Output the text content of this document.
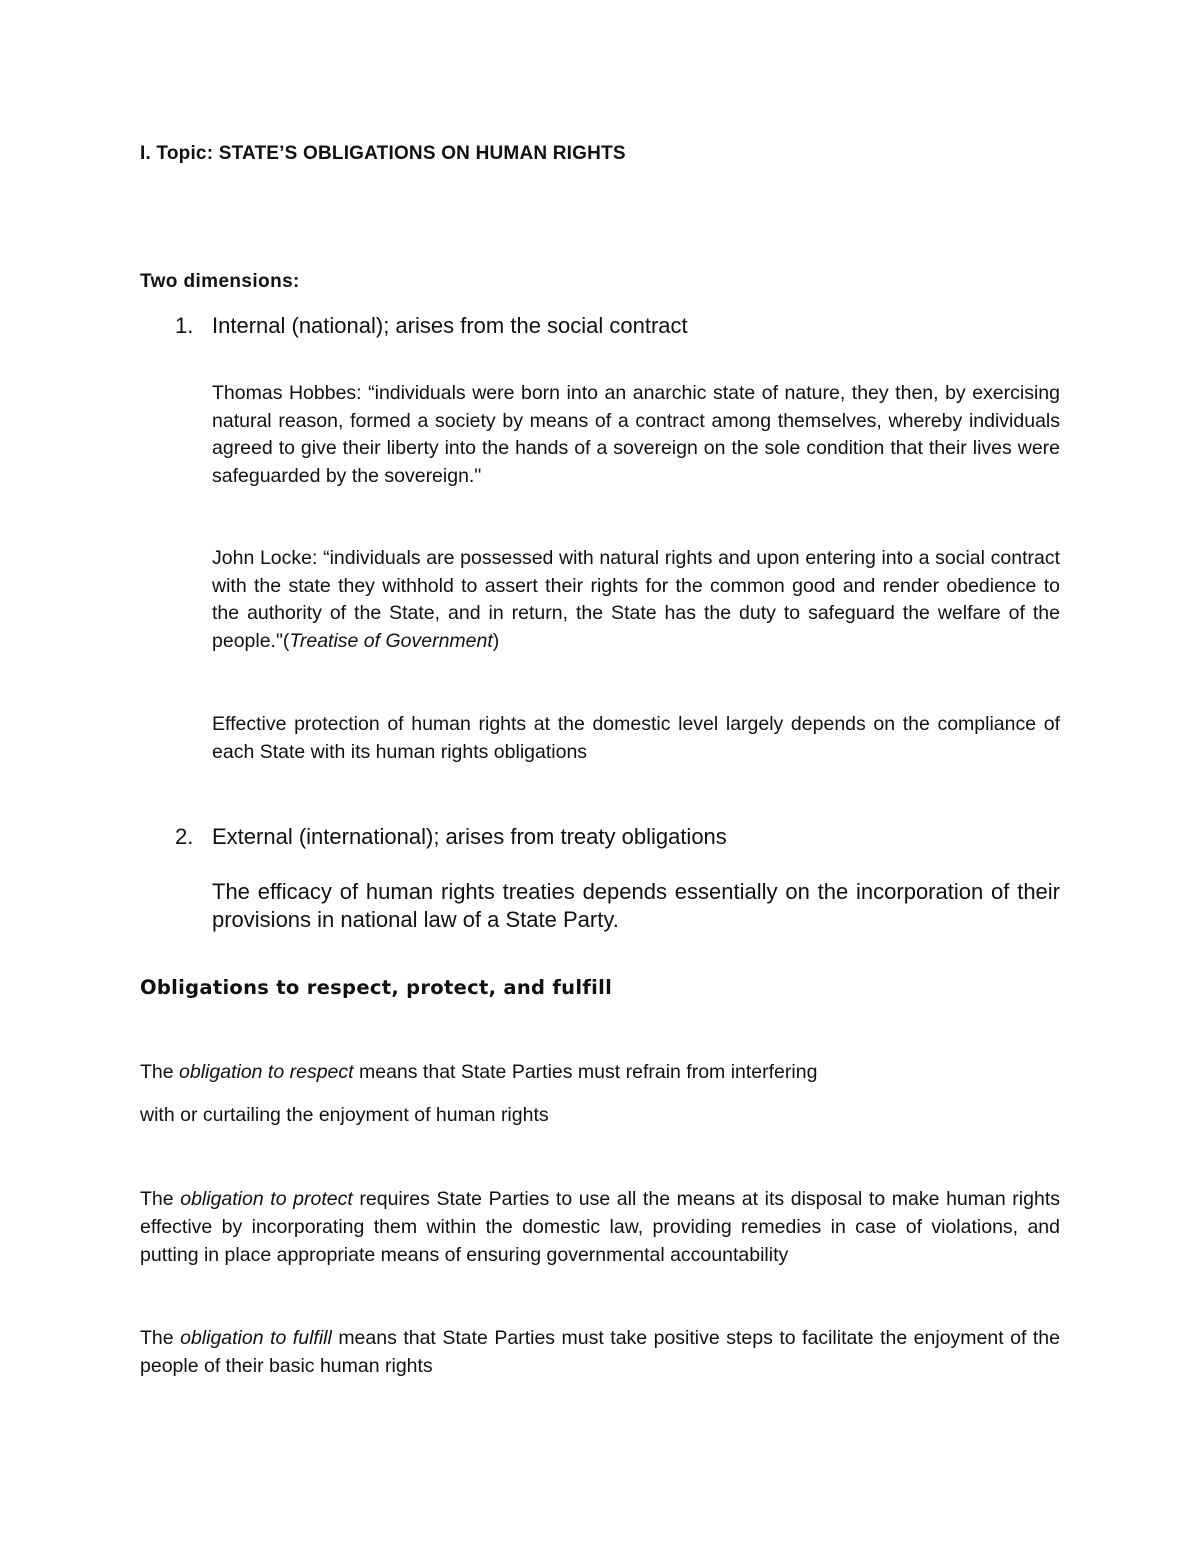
I. Topic: STATE’S OBLIGATIONS ON HUMAN RIGHTS
Two dimensions:
1. Internal (national); arises from the social contract

Thomas Hobbes: “individuals were born into an anarchic state of nature, they then, by exercising natural reason, formed a society by means of a contract among themselves, whereby individuals agreed to give their liberty into the hands of a sovereign on the sole condition that their lives were safeguarded by the sovereign."

John Locke: “individuals are possessed with natural rights and upon entering into a social contract with the state they withhold to assert their rights for the common good and render obedience to the authority of the State, and in return, the State has the duty to safeguard the welfare of the people."(Treatise of Government)

Effective protection of human rights at the domestic level largely depends on the compliance of each State with its human rights obligations

2. External (international); arises from treaty obligations

The efficacy of human rights treaties depends essentially on the incorporation of their provisions in national law of a State Party.

Obligations to respect, protect, and fulfill
The obligation to respect means that State Parties must refrain from interfering
with or curtailing the enjoyment of human rights

The obligation to protect requires State Parties to use all the means at its disposal to make human rights effective by incorporating them within the domestic law, providing remedies in case of violations, and putting in place appropriate means of ensuring governmental accountability

The obligation to fulfill means that State Parties must take positive steps to facilitate the enjoyment of the people of their basic human rights
